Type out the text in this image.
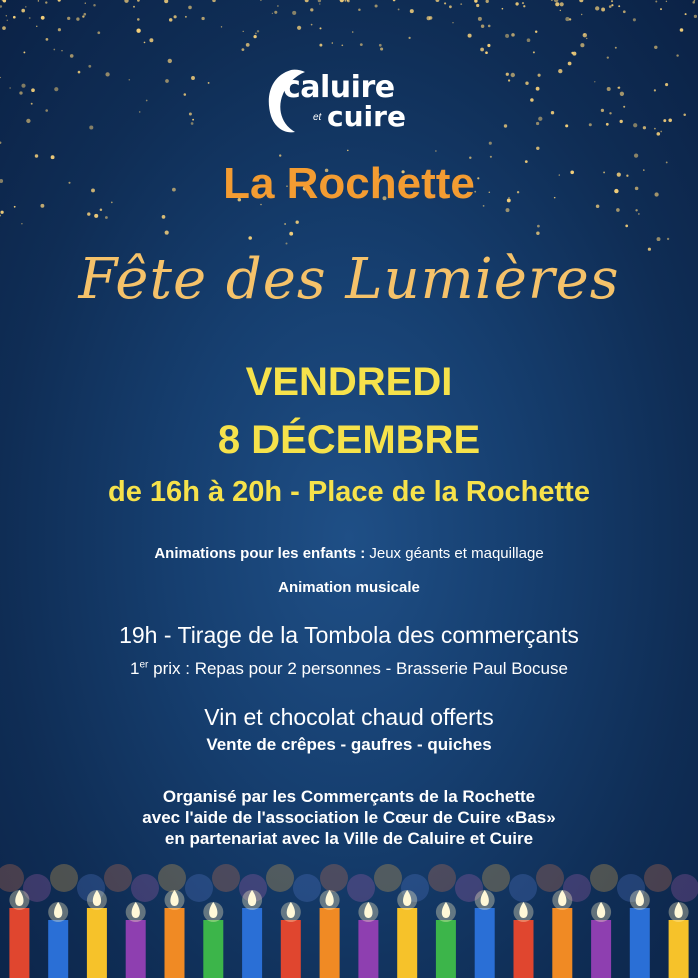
caluire
et cuire
La Rochette
Fête des Lumières
VENDREDI
8 DÉCEMBRE
de 16h à 20h - Place de la Rochette
Animations pour les enfants : Jeux géants et maquillage
Animation musicale
19h - Tirage de la Tombola des commerçants
1er prix : Repas pour 2 personnes - Brasserie Paul Bocuse
Vin et chocolat chaud offerts
Vente de crêpes - gaufres - quiches
Organisé par les Commerçants de la Rochette
avec l'aide de l'association le Cœur de Cuire «Bas»
en partenariat avec la Ville de Caluire et Cuire
